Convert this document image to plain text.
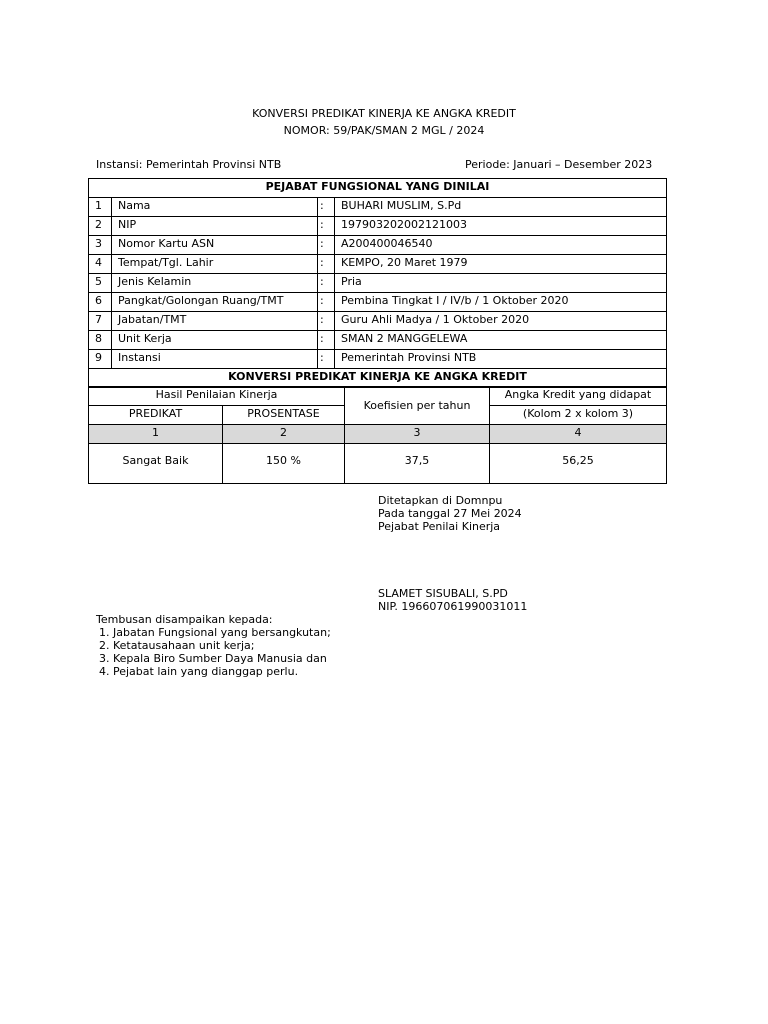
KONVERSI PREDIKAT KINERJA KE ANGKA KREDIT
NOMOR: 59/PAK/SMAN 2 MGL / 2024
Instansi: Pemerintah Provinsi NTB	Periode: Januari – Desember 2023
PEJABAT FUNGSIONAL YANG DINILAI			
1	Nama	:	BUHARI MUSLIM, S.Pd
2	NIP	:	197903202002121003
3	Nomor Kartu ASN	:	A200400046540
4	Tempat/Tgl. Lahir	:	KEMPO, 20 Maret 1979
5	Jenis Kelamin	:	Pria
6	Pangkat/Golongan Ruang/TMT	:	Pembina Tingkat I / IV/b / 1 Oktober 2020
7	Jabatan/TMT	:	Guru Ahli Madya / 1 Oktober 2020
8	Unit Kerja	:	SMAN 2 MANGGELEWA
9	Instansi	:	Pemerintah Provinsi NTB
KONVERSI PREDIKAT KINERJA KE ANGKA KREDIT			
Hasil Penilaian Kinerja		Koefisien per tahun	Angka Kredit yang didapat
PREDIKAT	PROSENTASE		(Kolom 2 x kolom 3)
1	2	3	4
Sangat Baik	150 %	37,5	56,25
Ditetapkan di Domnpu
Pada tanggal 27 Mei 2024
Pejabat Penilai Kinerja
SLAMET SISUBALI, S.PD
NIP. 196607061990031011
Tembusan disampaikan kepada:
1. Jabatan Fungsional yang bersangkutan;
2. Ketatausahaan unit kerja;
3. Kepala Biro Sumber Daya Manusia dan
4. Pejabat lain yang dianggap perlu.
